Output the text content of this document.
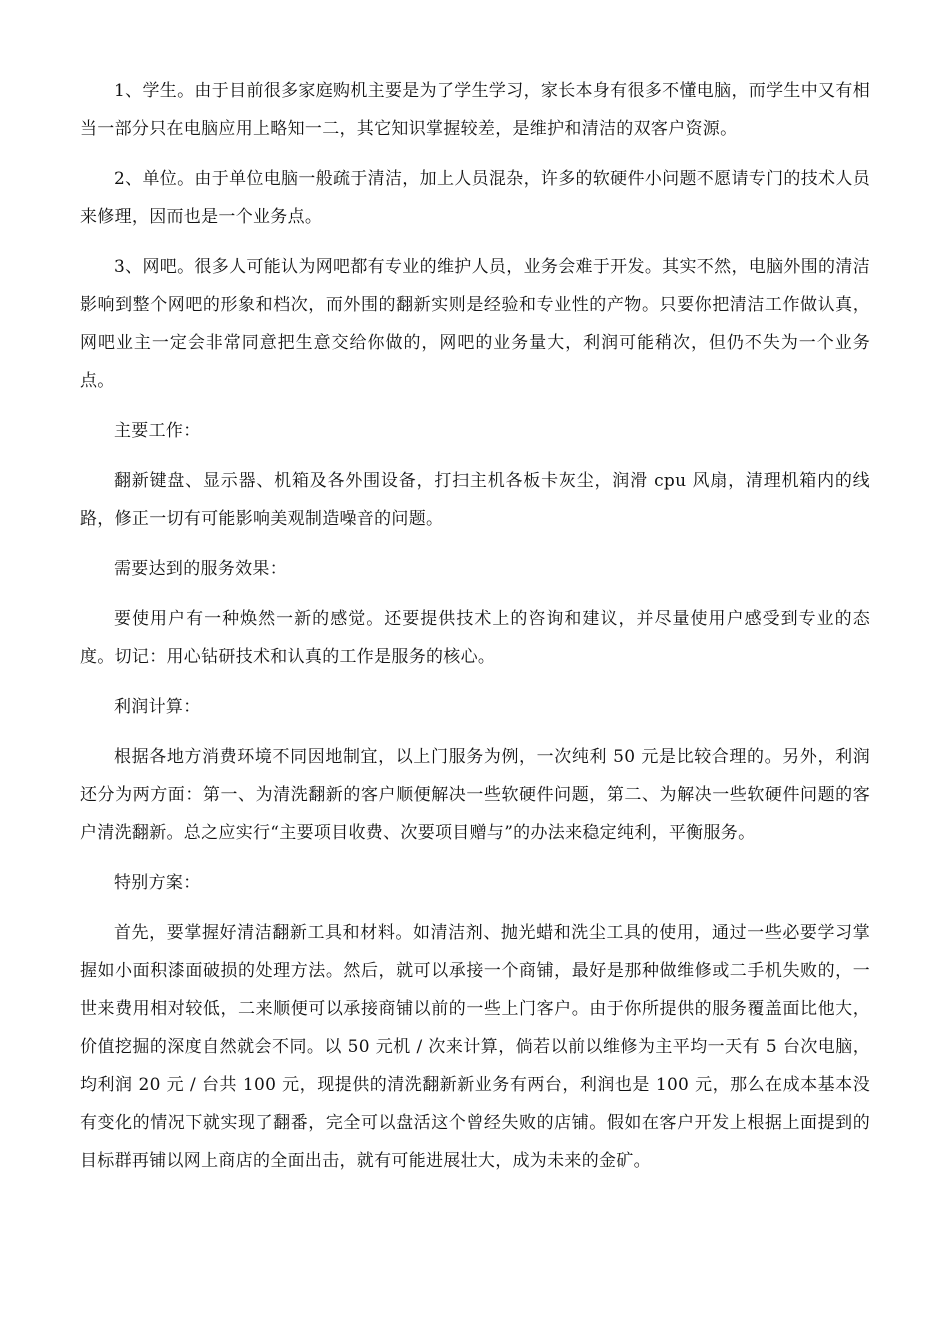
1、学生。由于目前很多家庭购机主要是为了学生学习，家长本身有很多不懂电脑，而学生中又有相当一部分只在电脑应用上略知一二，其它知识掌握较差，是维护和清洁的双客户资源。

2、单位。由于单位电脑一般疏于清洁，加上人员混杂，许多的软硬件小问题不愿请专门的技术人员来修理，因而也是一个业务点。

3、网吧。很多人可能认为网吧都有专业的维护人员，业务会难于开发。其实不然，电脑外围的清洁影响到整个网吧的形象和档次，而外围的翻新实则是经验和专业性的产物。只要你把清洁工作做认真，网吧业主一定会非常同意把生意交给你做的，网吧的业务量大，利润可能稍次，但仍不失为一个业务点。

主要工作：

翻新键盘、显示器、机箱及各外围设备，打扫主机各板卡灰尘，润滑 cpu 风扇，清理机箱内的线路，修正一切有可能影响美观制造噪音的问题。

需要达到的服务效果：

要使用户有一种焕然一新的感觉。还要提供技术上的咨询和建议，并尽量使用户感受到专业的态度。切记：用心钻研技术和认真的工作是服务的核心。

利润计算：

根据各地方消费环境不同因地制宜，以上门服务为例，一次纯利 50 元是比较合理的。另外，利润还分为两方面：第一、为清洗翻新的客户顺便解决一些软硬件问题，第二、为解决一些软硬件问题的客户清洗翻新。总之应实行“主要项目收费、次要项目赠与”的办法来稳定纯利，平衡服务。

特别方案：

首先，要掌握好清洁翻新工具和材料。如清洁剂、抛光蜡和洗尘工具的使用，通过一些必要学习掌握如小面积漆面破损的处理方法。然后，就可以承接一个商铺，最好是那种做维修或二手机失败的，一世来费用相对较低，二来顺便可以承接商铺以前的一些上门客户。由于你所提供的服务覆盖面比他大，价值挖掘的深度自然就会不同。以 50 元机 / 次来计算，倘若以前以维修为主平均一天有 5 台次电脑，均利润 20 元 / 台共 100 元，现提供的清洗翻新新业务有两台，利润也是 100 元，那么在成本基本没有变化的情况下就实现了翻番，完全可以盘活这个曾经失败的店铺。假如在客户开发上根据上面提到的目标群再铺以网上商店的全面出击，就有可能进展壮大，成为未来的金矿。
